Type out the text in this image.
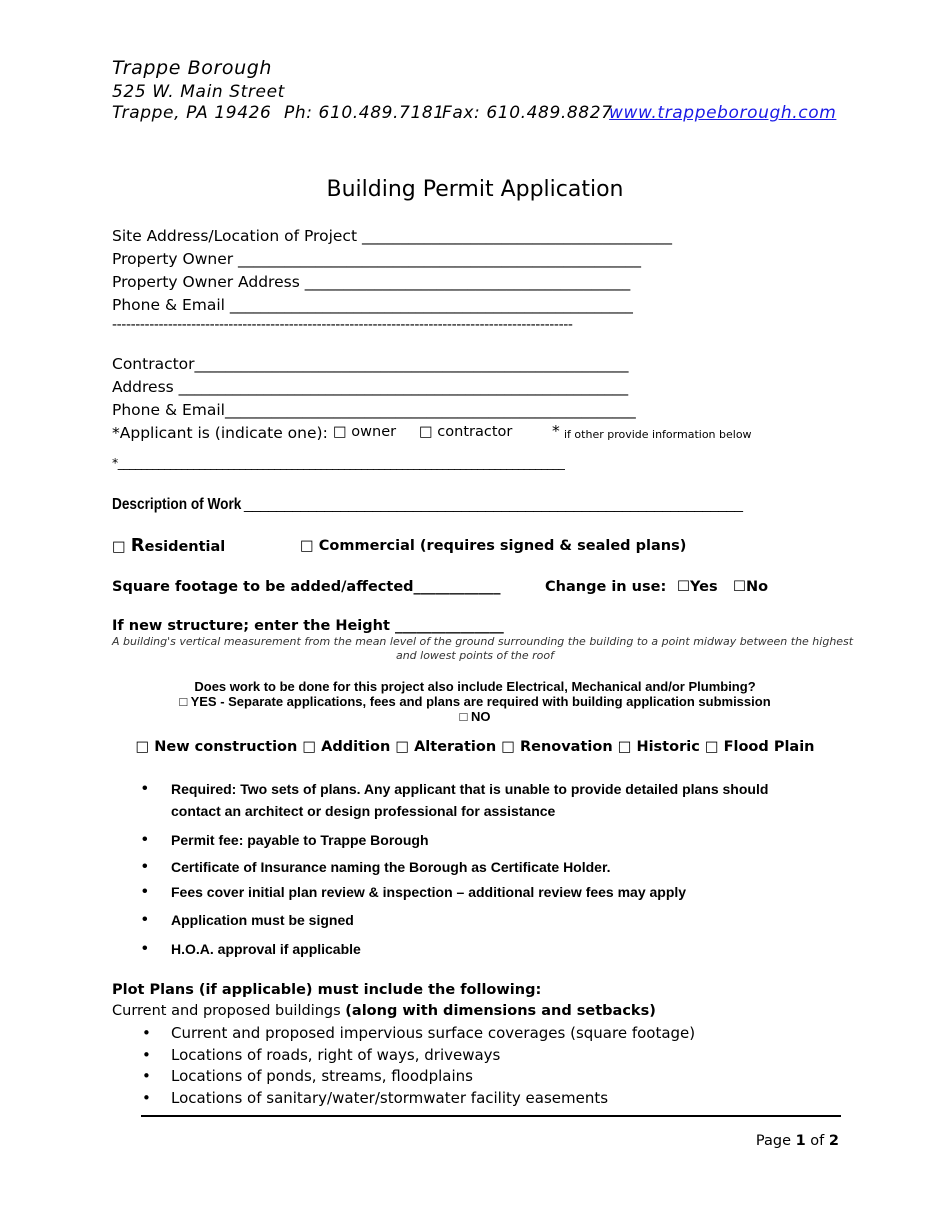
Trappe Borough
525 W. Main Street
Trappe, PA 19426 Ph: 610.489.7181
Fax: 610.489.8827
www.trappeborough.com
Building Permit Application
Site Address/Location of Project ________________________________________
Property Owner ____________________________________________________
Property Owner Address __________________________________________
Phone & Email ____________________________________________________
---------------------------------------------------------------------------------------------------
Contractor________________________________________________________
Address __________________________________________________________
Phone & Email_____________________________________________________
*Applicant is (indicate one): □ owner □ contractor	* if other provide information below
*_____________________________________________________________________________
Description of Work ______________________________________________________________
□ Residential	□ Commercial (requires signed & sealed plans)
Square footage to be added/affected____________	Change in use: ☐Yes ☐No
If new structure; enter the Height _______________
A building's vertical measurement from the mean level of the ground surrounding the building to a point midway between the highest
and lowest points of the roof
Does work to be done for this project also include Electrical, Mechanical and/or Plumbing?
□ YES - Separate applications, fees and plans are required with building application submission
□ NO
□ New construction □ Addition □ Alteration □ Renovation □ Historic □ Flood Plain
• Required: Two sets of plans. Any applicant that is unable to provide detailed plans should
contact an architect or design professional for assistance
• Permit fee: payable to Trappe Borough
• Certificate of Insurance naming the Borough as Certificate Holder.
• Fees cover initial plan review & inspection – additional review fees may apply
• Application must be signed
• H.O.A. approval if applicable
Plot Plans (if applicable) must include the following:
Current and proposed buildings (along with dimensions and setbacks)
• Current and proposed impervious surface coverages (square footage)
• Locations of roads, right of ways, driveways
• Locations of ponds, streams, floodplains
• Locations of sanitary/water/stormwater facility easements
Page 1 of 2
